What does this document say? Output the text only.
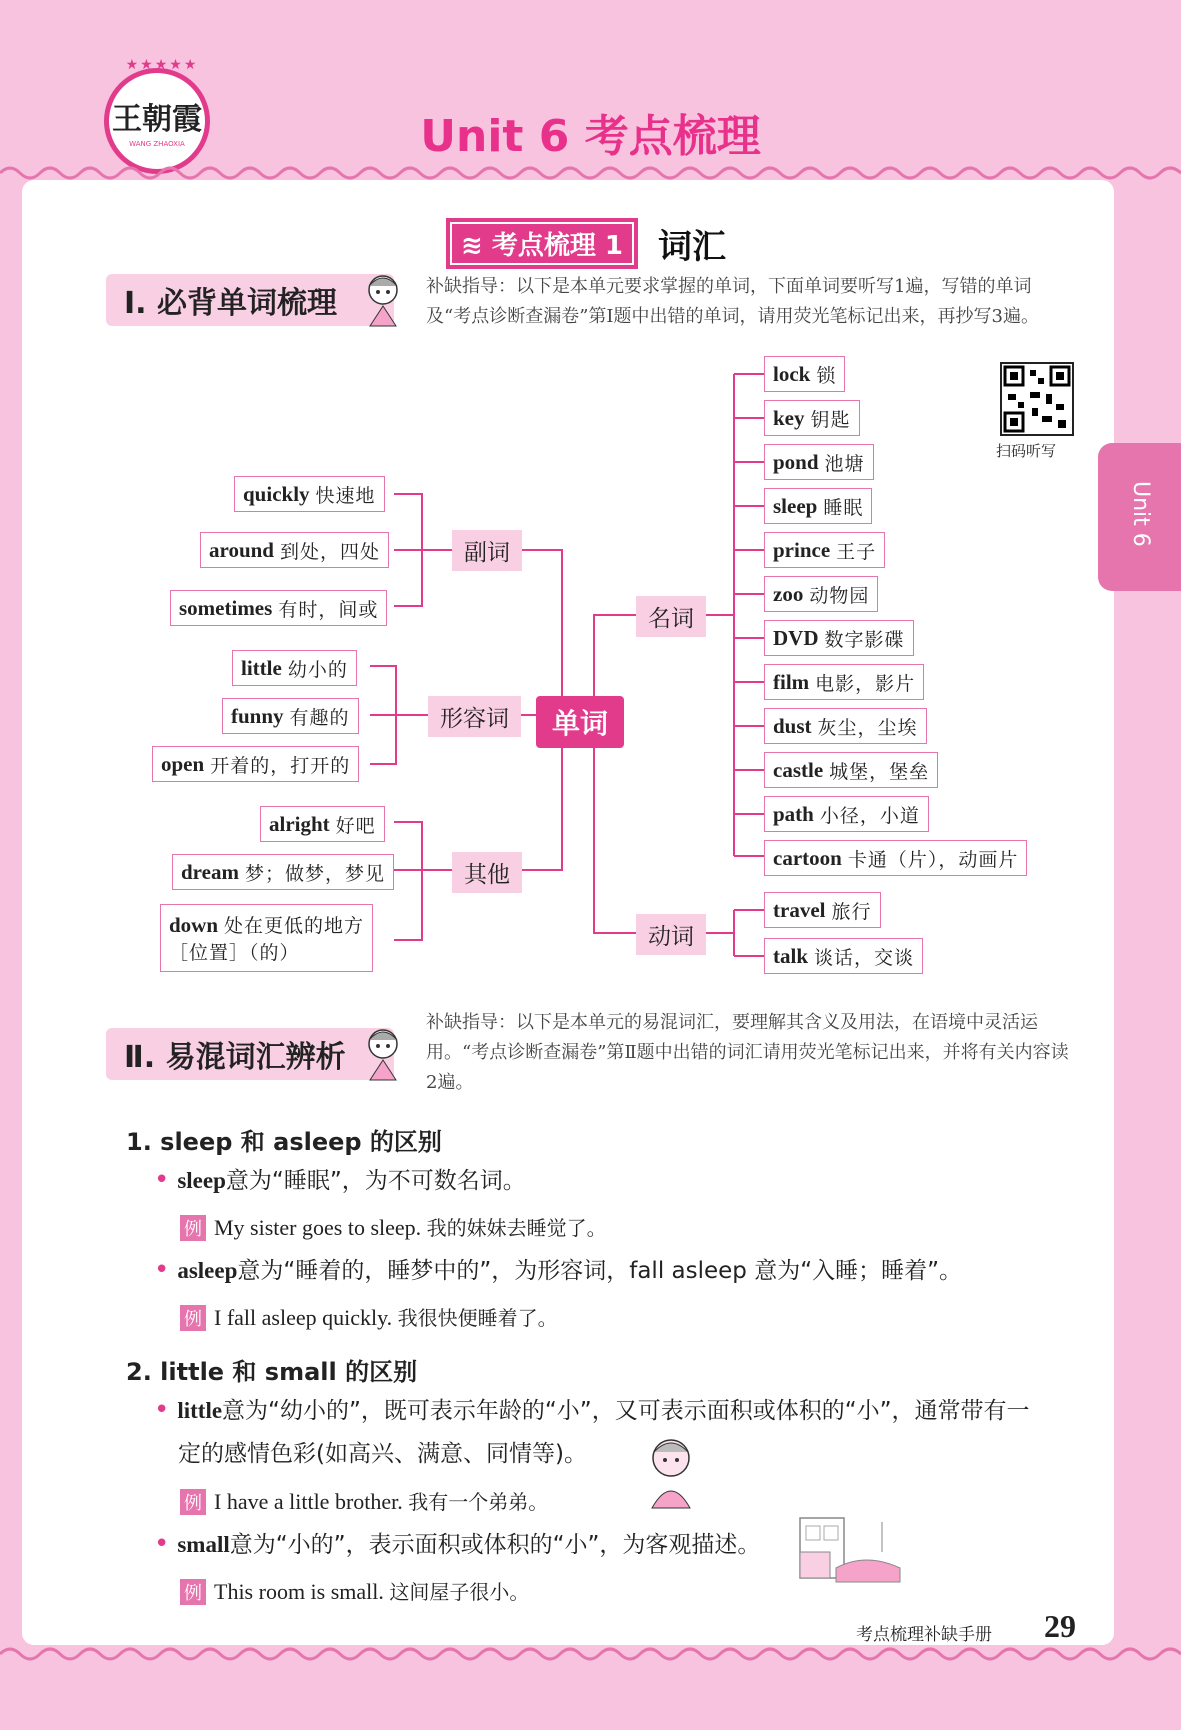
★★★★★
王朝霞
WANG ZHAOXIA	Unit 6 考点梳理
Unit 6
≋ 考点梳理 1	词汇
Ⅰ. 必背单词梳理	补缺指导：以下是本单元要求掌握的单词，下面单词要听写1遍，写错的单词及“考点诊断查漏卷”第Ⅰ题中出错的单词，请用荧光笔标记出来，再抄写3遍。
扫码听写
单词
副词
形容词
其他
名词
动词
quickly 快速地
around 到处，四处
sometimes 有时，间或
little 幼小的
funny 有趣的
open 开着的，打开的
alright 好吧
dream 梦；做梦，梦见
down 处在更低的地方
［位置］（的）
lock 锁
key 钥匙
pond 池塘
sleep 睡眠
prince 王子
zoo 动物园
DVD 数字影碟
film 电影，影片
dust 灰尘，尘埃
castle 城堡，堡垒
path 小径，小道
cartoon 卡通（片），动画片
travel 旅行
talk 谈话，交谈
Ⅱ. 易混词汇辨析
补缺指导：以下是本单元的易混词汇，要理解其含义及用法，在语境中灵活运用。“考点诊断查漏卷”第Ⅱ题中出错的词汇请用荧光笔标记出来，并将有关内容读2遍。
1. sleep 和 asleep 的区别
• sleep意为“睡眠”，为不可数名词。
例 My sister goes to sleep. 我的妹妹去睡觉了。
• asleep意为“睡着的，睡梦中的”，为形容词，fall asleep 意为“入睡；睡着”。
例 I fall asleep quickly. 我很快便睡着了。
2. little 和 small 的区别
• little意为“幼小的”，既可表示年龄的“小”，又可表示面积或体积的“小”，通常带有一
定的感情色彩(如高兴、满意、同情等)。
例 I have a little brother. 我有一个弟弟。
• small意为“小的”，表示面积或体积的“小”，为客观描述。
例 This room is small. 这间屋子很小。
考点梳理补缺手册 29
